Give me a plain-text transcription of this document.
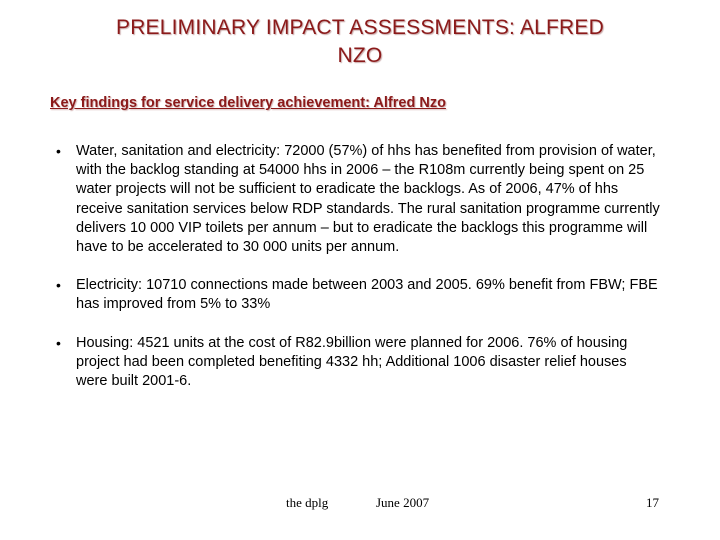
PRELIMINARY IMPACT ASSESSMENTS: ALFRED
NZO
Key findings for service delivery achievement: Alfred Nzo
• Water, sanitation and electricity: 72000 (57%) of hhs has benefited from provision of water, with the backlog standing at 54000 hhs in 2006 – the R108m currently being spent on 25 water projects will not be sufficient to eradicate the backlogs. As of 2006, 47% of hhs receive sanitation services below RDP standards. The rural sanitation programme currently delivers 10 000 VIP toilets per annum – but to eradicate the backlogs this programme will have to be accelerated to 30 000 units per annum.
• Electricity: 10710 connections made between 2003 and 2005. 69% benefit from FBW; FBE has improved from 5% to 33%
• Housing: 4521 units at the cost of R82.9billion were planned for 2006. 76% of housing project had been completed benefiting 4332 hh; Additional 1006 disaster relief houses were built 2001-6.
the dplg	June 2007	17
